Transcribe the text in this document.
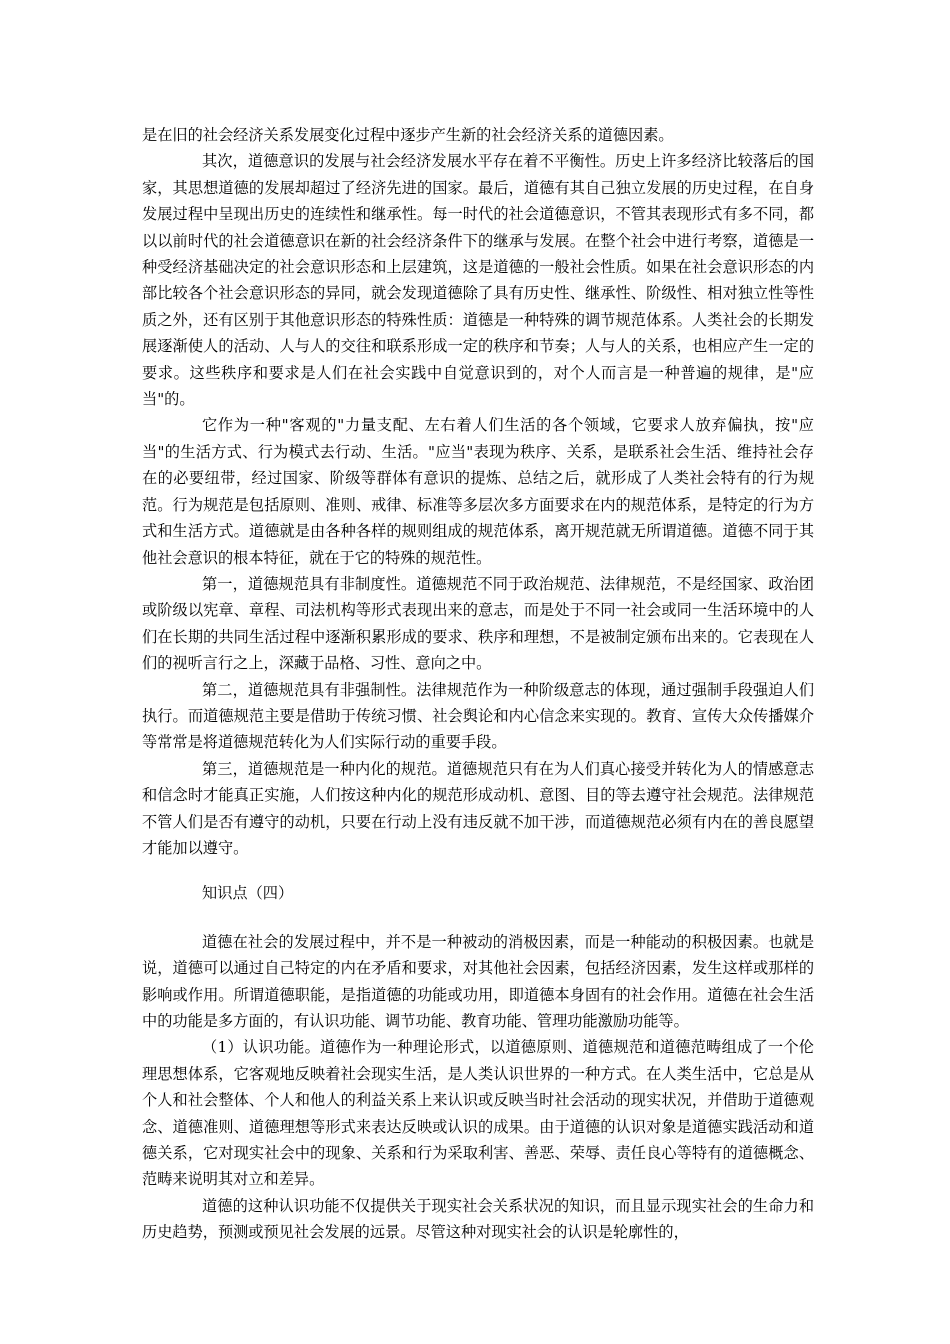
是在旧的社会经济关系发展变化过程中逐步产生新的社会经济关系的道德因素。

其次，道德意识的发展与社会经济发展水平存在着不平衡性。历史上许多经济比较落后的国家，其思想道德的发展却超过了经济先进的国家。最后，道德有其自己独立发展的历史过程，在自身发展过程中呈现出历史的连续性和继承性。每一时代的社会道德意识，不管其表现形式有多不同，都以以前时代的社会道德意识在新的社会经济条件下的继承与发展。在整个社会中进行考察，道德是一种受经济基础决定的社会意识形态和上层建筑，这是道德的一般社会性质。如果在社会意识形态的内部比较各个社会意识形态的异同，就会发现道德除了具有历史性、继承性、阶级性、相对独立性等性质之外，还有区别于其他意识形态的特殊性质：道德是一种特殊的调节规范体系。人类社会的长期发展逐渐使人的活动、人与人的交往和联系形成一定的秩序和节奏；人与人的关系，也相应产生一定的要求。这些秩序和要求是人们在社会实践中自觉意识到的，对个人而言是一种普遍的规律，是"应当"的。

它作为一种"客观的"力量支配、左右着人们生活的各个领域，它要求人放弃偏执，按"应当"的生活方式、行为模式去行动、生活。"应当"表现为秩序、关系，是联系社会生活、维持社会存在的必要纽带，经过国家、阶级等群体有意识的提炼、总结之后，就形成了人类社会特有的行为规范。行为规范是包括原则、准则、戒律、标准等多层次多方面要求在内的规范体系，是特定的行为方式和生活方式。道德就是由各种各样的规则组成的规范体系，离开规范就无所谓道德。道德不同于其他社会意识的根本特征，就在于它的特殊的规范性。

第一，道德规范具有非制度性。道德规范不同于政治规范、法律规范，不是经国家、政治团或阶级以宪章、章程、司法机构等形式表现出来的意志，而是处于不同一社会或同一生活环境中的人们在长期的共同生活过程中逐渐积累形成的要求、秩序和理想，不是被制定颁布出来的。它表现在人们的视听言行之上，深藏于品格、习性、意向之中。

第二，道德规范具有非强制性。法律规范作为一种阶级意志的体现，通过强制手段强迫人们执行。而道德规范主要是借助于传统习惯、社会舆论和内心信念来实现的。教育、宣传大众传播媒介等常常是将道德规范转化为人们实际行动的重要手段。

第三，道德规范是一种内化的规范。道德规范只有在为人们真心接受并转化为人的情感意志和信念时才能真正实施，人们按这种内化的规范形成动机、意图、目的等去遵守社会规范。法律规范不管人们是否有遵守的动机，只要在行动上没有违反就不加干涉，而道德规范必须有内在的善良愿望才能加以遵守。

知识点（四）

道德在社会的发展过程中，并不是一种被动的消极因素，而是一种能动的积极因素。也就是说，道德可以通过自己特定的内在矛盾和要求，对其他社会因素，包括经济因素，发生这样或那样的影响或作用。所谓道德职能，是指道德的功能或功用，即道德本身固有的社会作用。道德在社会生活中的功能是多方面的，有认识功能、调节功能、教育功能、管理功能激励功能等。

（1）认识功能。道德作为一种理论形式，以道德原则、道德规范和道德范畴组成了一个伦理思想体系，它客观地反映着社会现实生活，是人类认识世界的一种方式。在人类生活中，它总是从个人和社会整体、个人和他人的利益关系上来认识或反映当时社会活动的现实状况，并借助于道德观念、道德准则、道德理想等形式来表达反映或认识的成果。由于道德的认识对象是道德实践活动和道德关系，它对现实社会中的现象、关系和行为采取利害、善恶、荣辱、责任良心等特有的道德概念、范畴来说明其对立和差异。

道德的这种认识功能不仅提供关于现实社会关系状况的知识，而且显示现实社会的生命力和历史趋势，预测或预见社会发展的远景。尽管这种对现实社会的认识是轮廓性的，
